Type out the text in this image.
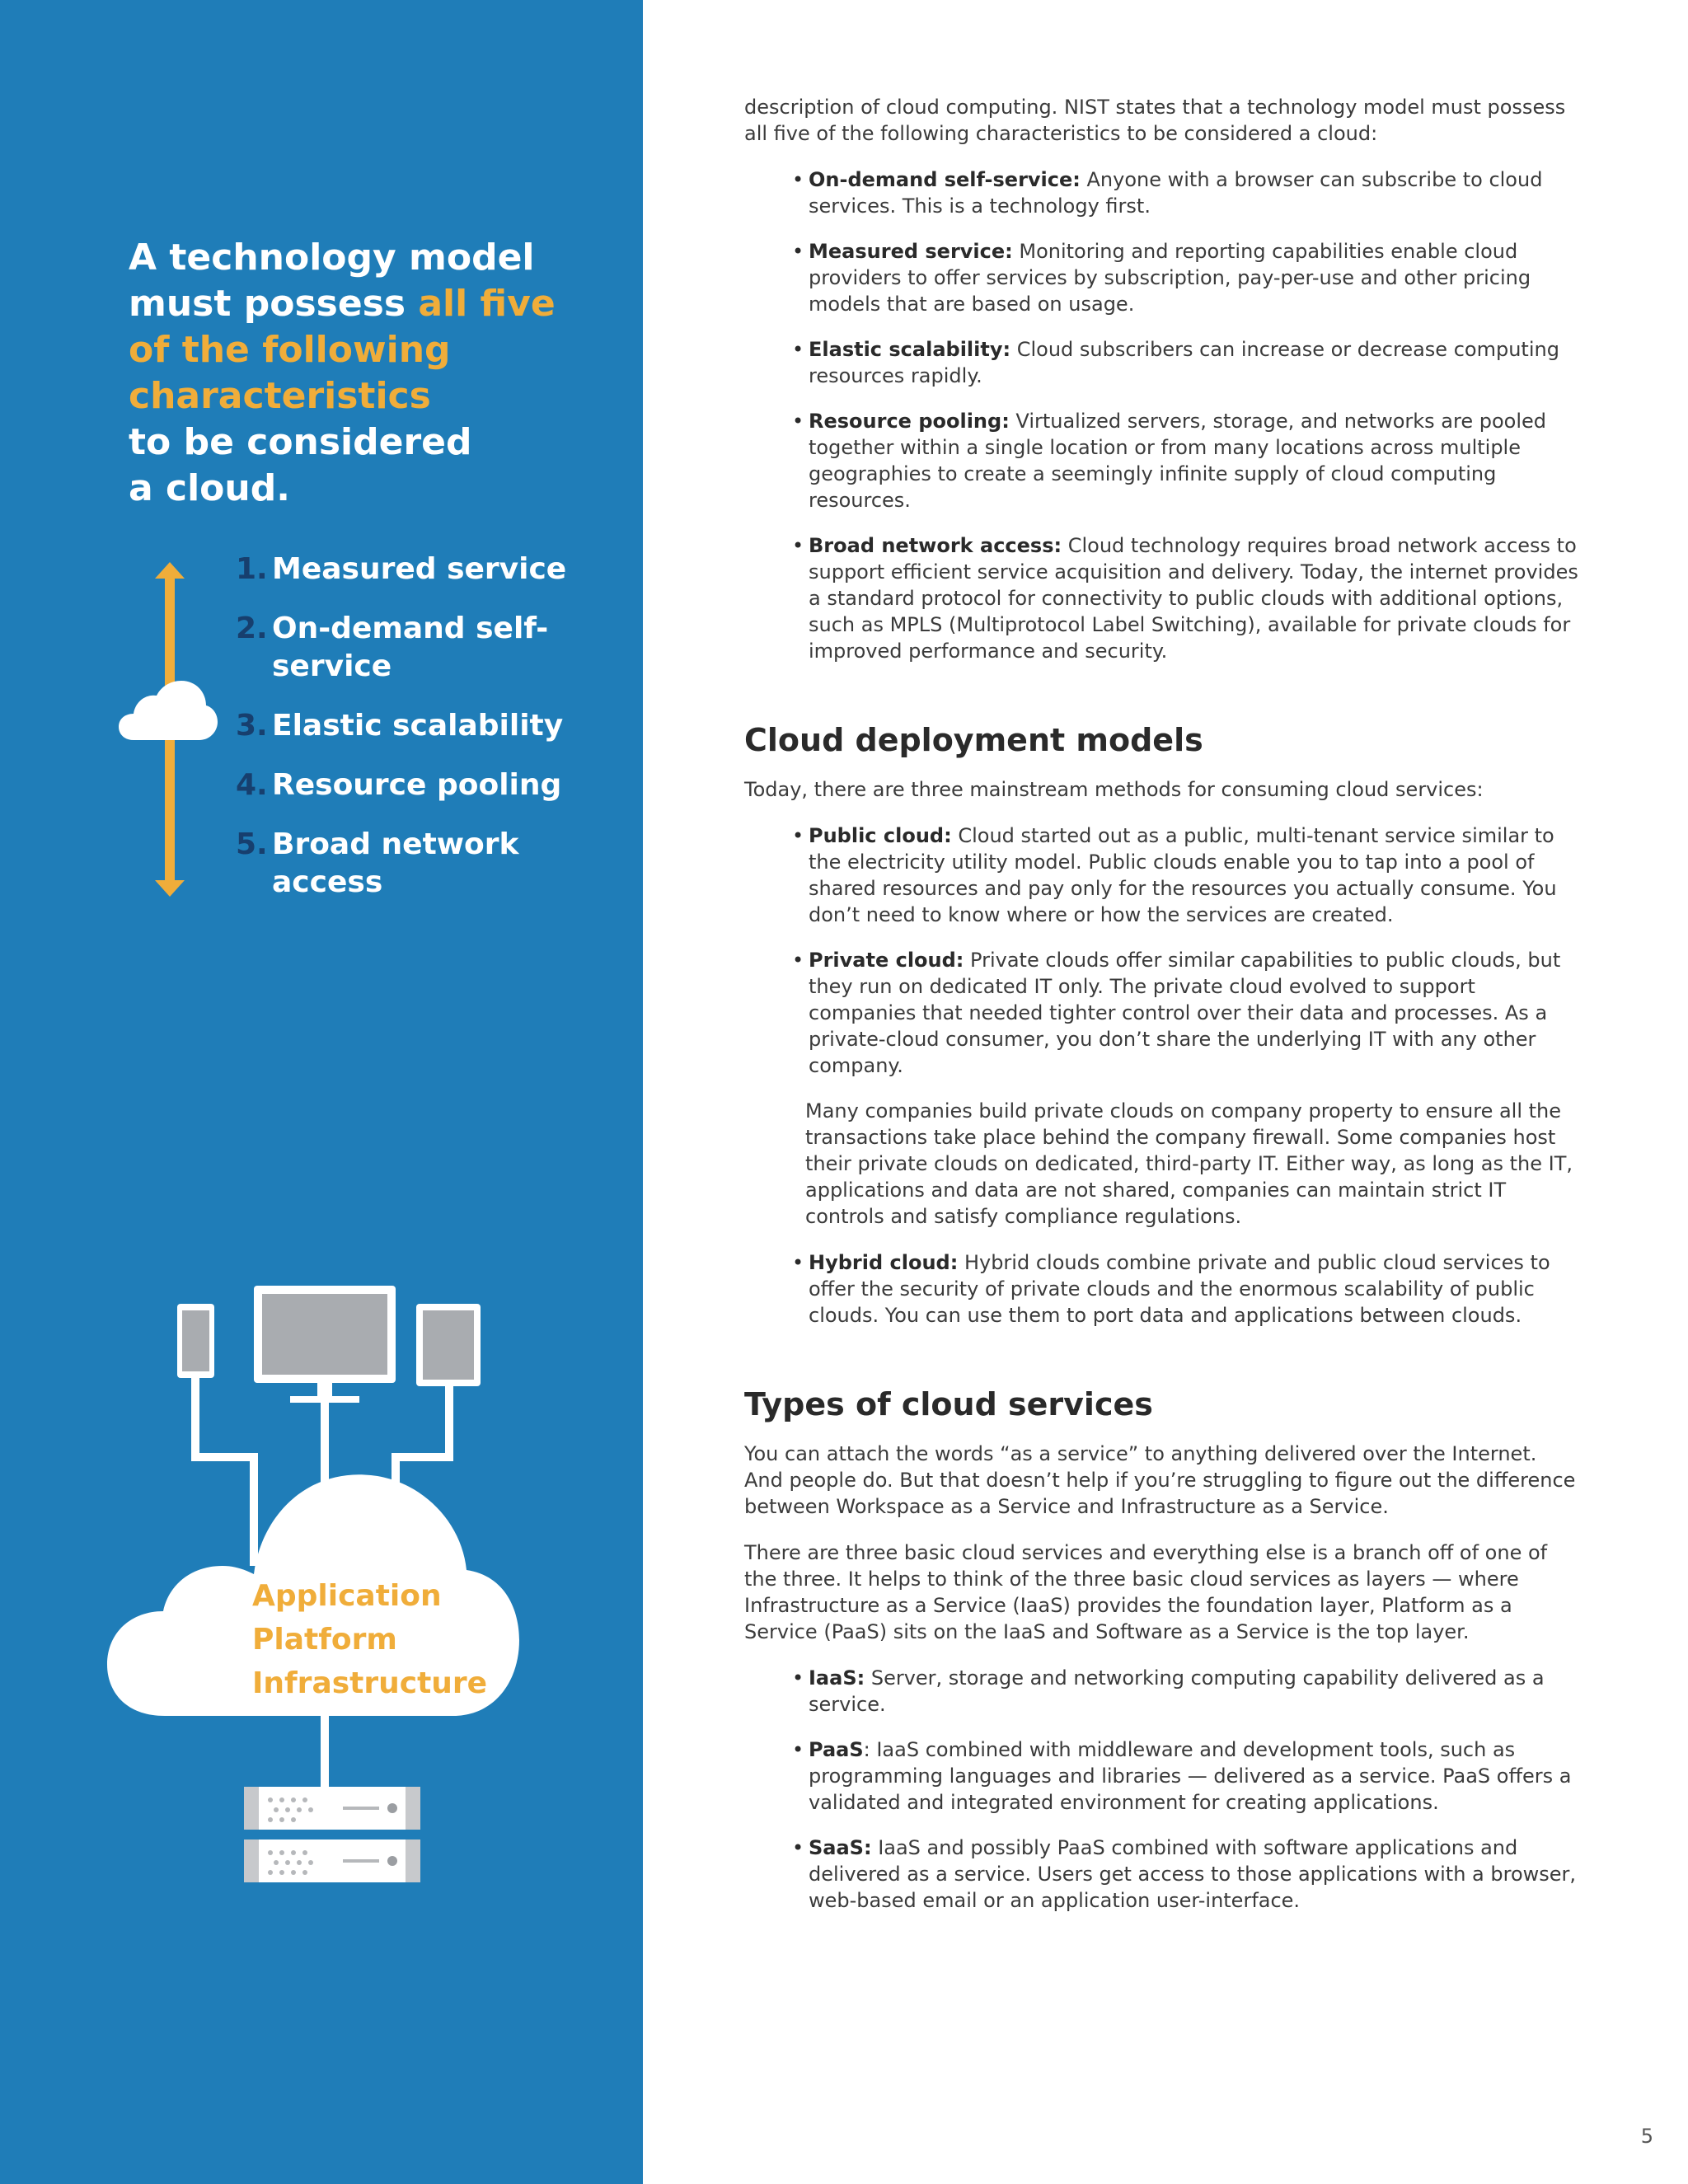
A technology model
must possess all five
of the following
characteristics
to be considered
a cloud.
1. Measured service
2. On-demand self-service
3. Elastic scalability
4. Resource pooling
5. Broad network access
Application
Platform
Infrastructure

description of cloud computing. NIST states that a technology model must possess all five of the following characteristics to be considered a cloud:

• On-demand self-service: Anyone with a browser can subscribe to cloud services. This is a technology first.
• Measured service: Monitoring and reporting capabilities enable cloud providers to offer services by subscription, pay-per-use and other pricing models that are based on usage.
• Elastic scalability: Cloud subscribers can increase or decrease computing resources rapidly.
• Resource pooling: Virtualized servers, storage, and networks are pooled together within a single location or from many locations across multiple geographies to create a seemingly infinite supply of cloud computing resources.
• Broad network access: Cloud technology requires broad network access to support efficient service acquisition and delivery. Today, the internet provides a standard protocol for connectivity to public clouds with additional options, such as MPLS (Multiprotocol Label Switching), available for private clouds for improved performance and security.
Cloud deployment models

Today, there are three mainstream methods for consuming cloud services:

• Public cloud: Cloud started out as a public, multi-tenant service similar to the electricity utility model. Public clouds enable you to tap into a pool of shared resources and pay only for the resources you actually consume. You don’t need to know where or how the services are created.
• Private cloud: Private clouds offer similar capabilities to public clouds, but they run on dedicated IT only. The private cloud evolved to support companies that needed tighter control over their data and processes. As a private-cloud consumer, you don’t share the underlying IT with any other company.

Many companies build private clouds on company property to ensure all the transactions take place behind the company firewall. Some companies host their private clouds on dedicated, third-party IT. Either way, as long as the IT, applications and data are not shared, companies can maintain strict IT controls and satisfy compliance regulations.

• Hybrid cloud: Hybrid clouds combine private and public cloud services to offer the security of private clouds and the enormous scalability of public clouds. You can use them to port data and applications between clouds.
Types of cloud services

You can attach the words “as a service” to anything delivered over the Internet. And people do. But that doesn’t help if you’re struggling to figure out the difference between Workspace as a Service and Infrastructure as a Service.

There are three basic cloud services and everything else is a branch off of one of the three. It helps to think of the three basic cloud services as layers — where Infrastructure as a Service (IaaS) provides the foundation layer, Platform as a Service (PaaS) sits on the IaaS and Software as a Service is the top layer.

• IaaS: Server, storage and networking computing capability delivered as a service.
• PaaS: IaaS combined with middleware and development tools, such as programming languages and libraries — delivered as a service. PaaS offers a validated and integrated environment for creating applications.
• SaaS: IaaS and possibly PaaS combined with software applications and delivered as a service. Users get access to those applications with a browser, web-based email or an application user-interface.
5
